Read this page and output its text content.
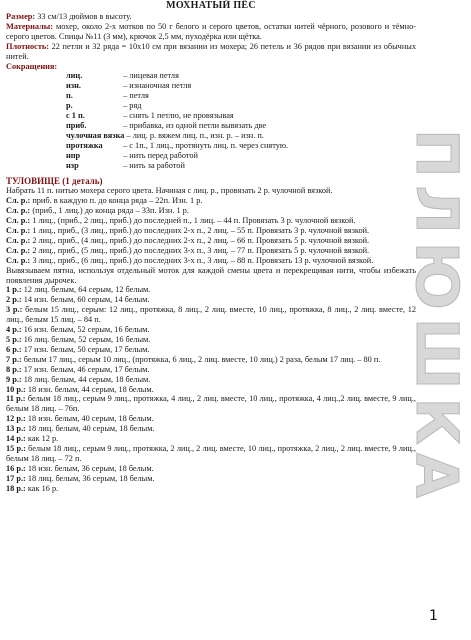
МОХНАТЫЙ ПЁС

Размер: 33 см/13 дюймов в высоту.

Материалы: мохер, около 2-х мотков по 50 г белого и серого цветов, остатки нитей чёрного, розового и тёмно-серого цветов. Спицы №11 (3 мм), крючок 2,5 мм, пуходёрка или щётка.

Плотность: 22 петли и 32 ряда = 10х10 см при вязании из мохера; 26 петель и 36 рядов при вязании из обычных нитей.

Сокращения:

лиц.	– лицевая петля

изн.	– изнаночная петля

п.	– петля

р.	– ряд

с 1 п.	– снять 1 петлю, не провязывая

приб.	– прибавка, из одной петли вывязать две

чулочная вязка – лиц. р. вяжем лиц. п., изн. р. – изн. п.

протяжка – с 1п., 1 лиц., протянуть лиц. п. через снятую.

нпр	– нить перед работой

нзр	– нить за работой

ТУЛОВИЩЕ (1 деталь)

Набрать 11 п. нитью мохера серого цвета. Начиная с лиц. р., провязать 2 р. чулочной вязкой.

Сл. р.: приб. в каждую п. до конца ряда – 22п. Изн. 1 р.

Сл. р.: (приб., 1 лиц.) до конца ряда – 33п. Изн. 1 р.

Сл. р.: 1 лиц., (приб., 2 лиц., приб.) до последней п., 1 лиц. – 44 п. Провязать 3 р. чулочной вязкой.

Сл. р.: 1 лиц., приб., (3 лиц., приб.) до последних 2-х п., 2 лиц. – 55 п. Провязать 3 р. чулочной вязкой.

Сл. р.: 2 лиц., приб., (4 лиц., приб.) до последних 2-х п., 2 лиц. – 66 п. Провязать 5 р. чулочной вязкой.

Сл. р.: 2 лиц., приб., (5 лиц., приб.) до последних 3-х п., 3 лиц. – 77 п. Провязать 5 р. чулочной вязкой.

Сл. р.: 3 лиц., приб., (6 лиц., приб.) до последних 3-х п., 3 лиц. – 88 п. Провязать 13 р. чулочной вязкой.

Вывязываем пятна, используя отдельный моток для каждой смены цвета и перекрещивая нити, чтобы избежать появления дырочек.

1 р.: 12 лиц. белым, 64 серым, 12 белым.

2 р.: 14 изн. белым, 60 серым, 14 белым.

3 р.: белым 15 лиц., серым: 12 лиц., протяжка, 8 лиц., 2 лиц. вместе, 10 лиц., протяжка, 8 лиц., 2 лиц. вместе, 12 лиц., белым 15 лиц. – 84 п.

4 р.: 16 изн. белым, 52 серым, 16 белым.

5 р.: 16 лиц. белым, 52 серым, 16 белым.

6 р.: 17 изн. белым, 50 серым, 17 белым.

7 р.: белым 17 лиц., серым 10 лиц., (протяжка, 6 лиц., 2 лиц. вместе, 10 лиц.) 2 раза, белым 17 лиц. – 80 п.

8 р.: 17 изн. белым, 46 серым, 17 белым.

9 р.: 18 лиц. белым, 44 серым, 18 белым.

10 р.: 18 изн. белым, 44 серым, 18 белым.

11 р.: белым 18 лиц., серым 9 лиц., протяжка, 4 лиц., 2 лиц. вместе, 10 лиц., протяжка, 4 лиц.,2 лиц. вместе, 9 лиц., белым 18 лиц. – 76п.

12 р.: 18 изн. белым, 40 серым, 18 белым.

13 р.: 18 лиц. белым, 40 серым, 18 белым.

14 р.: как 12 р.

15 р.: белым 18 лиц., серым 9 лиц., протяжка, 2 лиц., 2 лиц. вместе, 10 лиц., протяжка, 2 лиц., 2 лиц. вместе, 9 лиц., белым 18 лиц. – 72 п.

16 р.: 18 изн. белым, 36 серым, 18 белым.

17 р.: 18 лиц. белым, 36 серым, 18 белым.

18 р.: как 16 р.	ПЛЮШКА
1
